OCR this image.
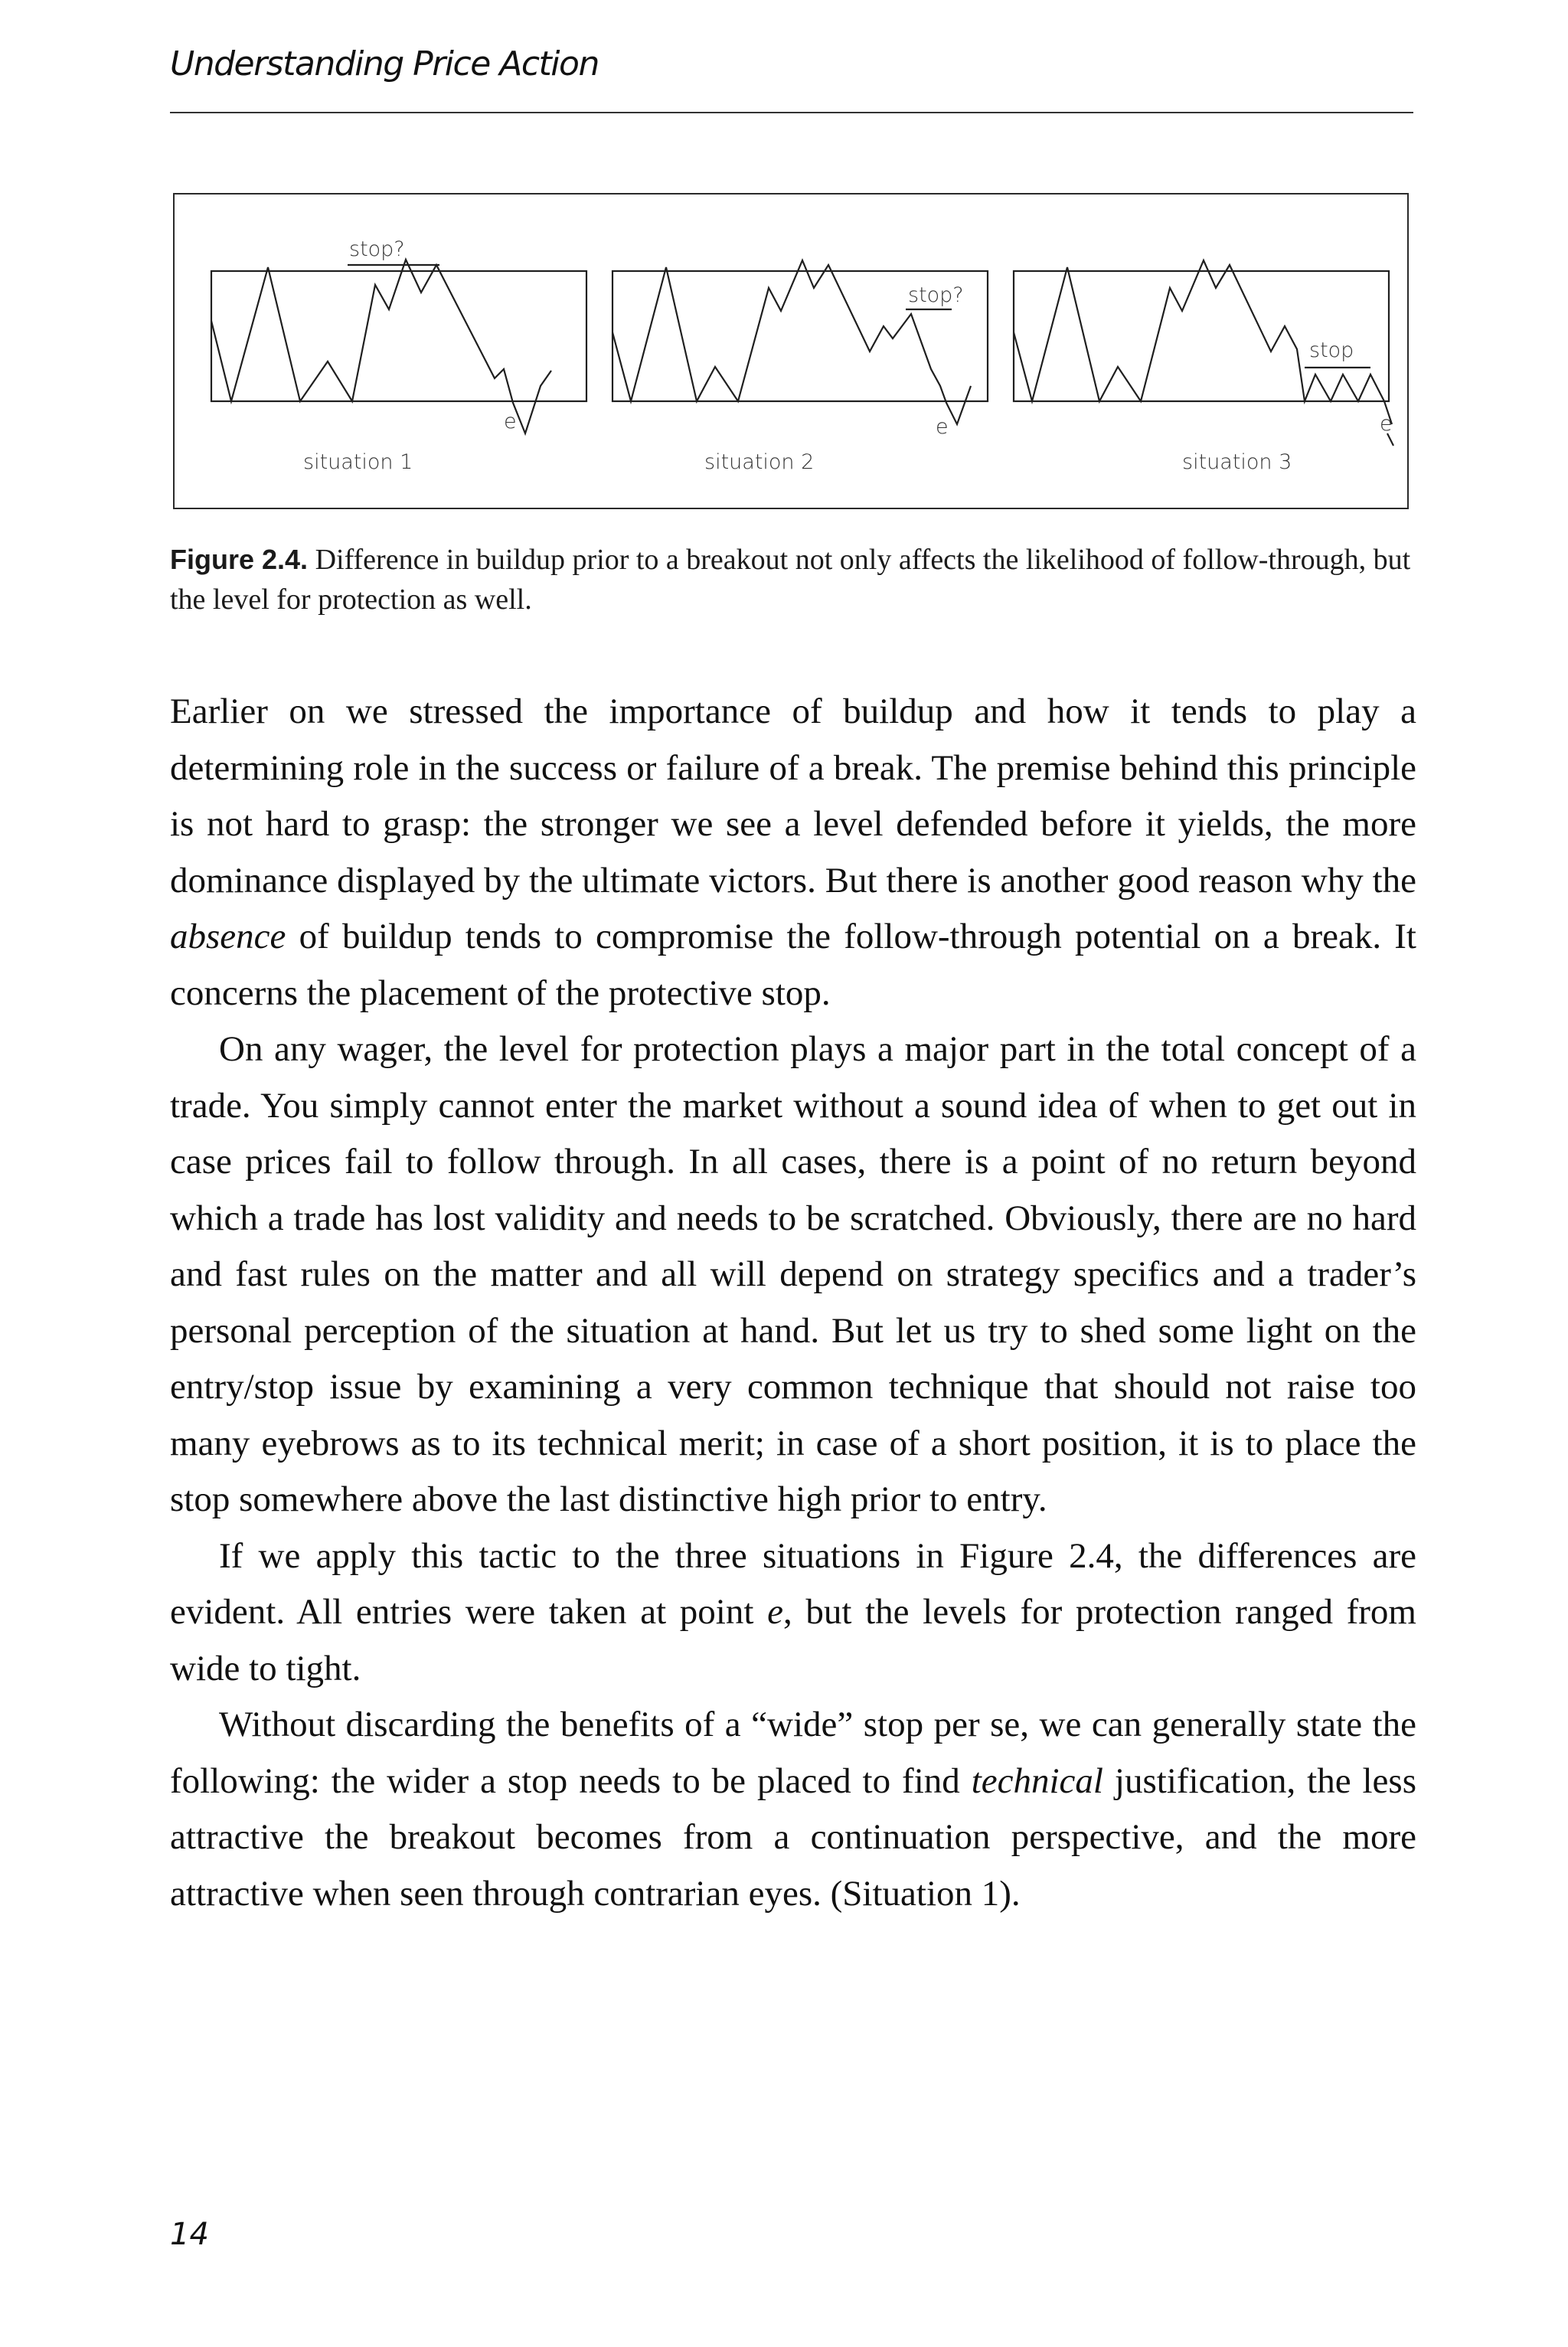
Understanding Price Action
stop?
e
situation 1
stop?
e
situation 2
stop
e
situation 3
Figure 2.4. Difference in buildup prior to a breakout not only affects the likelihood of follow-through, but the level for protection as well.

Earlier on we stressed the importance of buildup and how it tends to play a determining role in the success or failure of a break. The premise behind this principle is not hard to grasp: the stronger we see a level defended before it yields, the more dominance displayed by the ultimate victors. But there is another good reason why the absence of buildup tends to compromise the follow-through potential on a break. It concerns the placement of the protective stop.

On any wager, the level for protection plays a major part in the total concept of a trade. You simply cannot enter the market without a sound idea of when to get out in case prices fail to follow through. In all cases, there is a point of no return beyond which a trade has lost validity and needs to be scratched. Obviously, there are no hard and fast rules on the matter and all will depend on strategy specifics and a trader’s personal perception of the situation at hand. But let us try to shed some light on the entry/stop issue by examining a very common technique that should not raise too many eyebrows as to its technical merit; in case of a short position, it is to place the stop somewhere above the last distinctive high prior to entry.

If we apply this tactic to the three situations in Figure 2.4, the differences are evident. All entries were taken at point e, but the levels for protection ranged from wide to tight.

Without discarding the benefits of a “wide” stop per se, we can generally state the following: the wider a stop needs to be placed to find technical justification, the less attractive the breakout becomes from a continuation perspective, and the more attractive when seen through contrarian eyes. (Situation 1).

14
